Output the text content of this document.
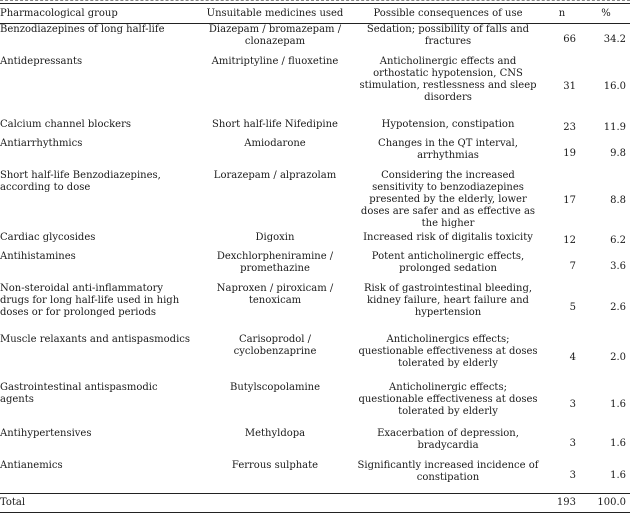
Pharmacological group	Unsuitable medicines used	Possible consequences of use	n	%
Benzodiazepines of long half-life	Diazepam / bromazepam / clonazepam	Sedation; possibility of falls and fractures	66	34.2
Antidepressants	Amitriptyline / fluoxetine	Anticholinergic effects and orthostatic hypotension, CNS stimulation, restlessness and sleep disorders	31	16.0
Calcium channel blockers	Short half-life Nifedipine	Hypotension, constipation	23	11.9
Antiarrhythmics	Amiodarone	Changes in the QT interval, arrhythmias	19	9.8
Short half-life Benzodiazepines, according to dose	Lorazepam / alprazolam	Considering the increased sensitivity to benzodiazepines presented by the elderly, lower doses are safer and as effective as the higher	17	8.8
Cardiac glycosides	Digoxin	Increased risk of digitalis toxicity	12	6.2
Antihistamines	Dexchlorpheniramine / promethazine	Potent anticholinergic effects, prolonged sedation	7	3.6
Non-steroidal anti-inflammatory drugs for long half-life used in high doses or for prolonged periods	Naproxen / piroxicam / tenoxicam	Risk of gastrointestinal bleeding, kidney failure, heart failure and hypertension	5	2.6
Muscle relaxants and antispasmodics	Carisoprodol / cyclobenzaprine	Anticholinergics effects; questionable effectiveness at doses tolerated by elderly	4	2.0
Gastrointestinal antispasmodic agents	Butylscopolamine	Anticholinergic effects; questionable effectiveness at doses tolerated by elderly	3	1.6
Antihypertensives	Methyldopa	Exacerbation of depression, bradycardia	3	1.6
Antianemics	Ferrous sulphate	Significantly increased incidence of constipation	3	1.6
Total			193	100.0
